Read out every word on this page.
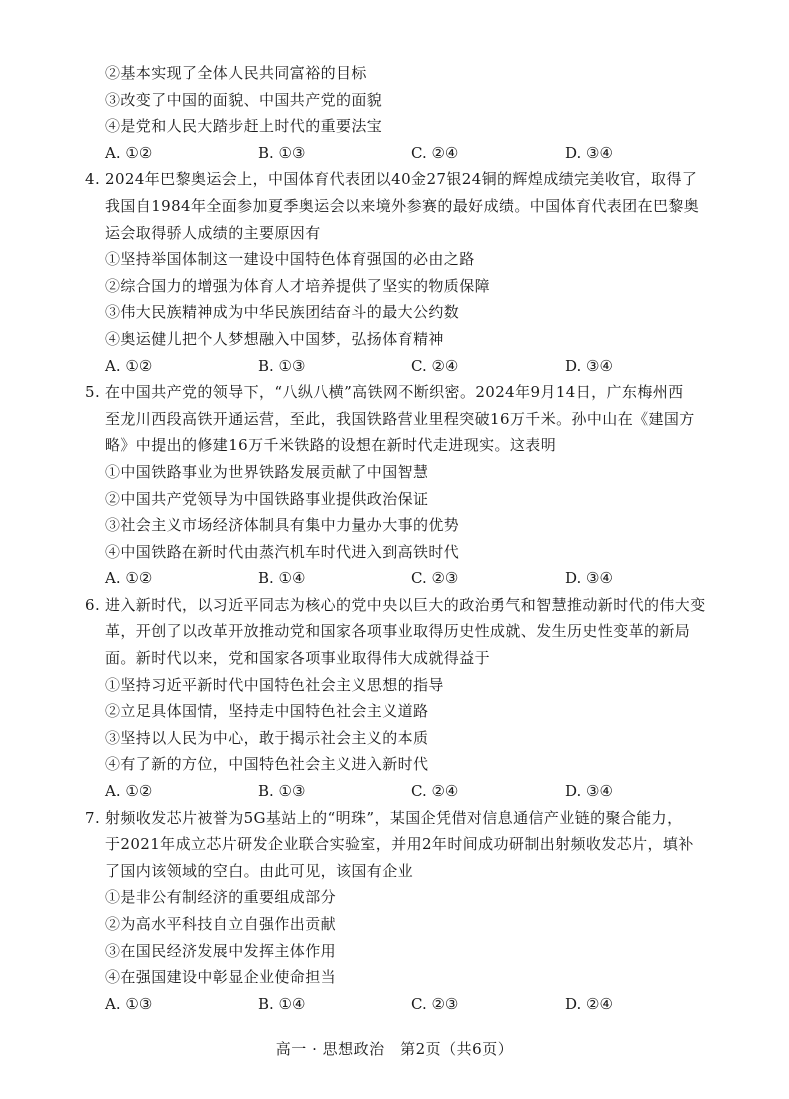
②基本实现了全体人民共同富裕的目标
③改变了中国的面貌、中国共产党的面貌
④是党和人民大踏步赶上时代的重要法宝
A. ①②	B. ①③	C. ②④	D. ③④
4. 2024年巴黎奥运会上，中国体育代表团以40金27银24铜的辉煌成绩完美收官，取得了
我国自1984年全面参加夏季奥运会以来境外参赛的最好成绩。中国体育代表团在巴黎奥
运会取得骄人成绩的主要原因有
①坚持举国体制这一建设中国特色体育强国的必由之路
②综合国力的增强为体育人才培养提供了坚实的物质保障
③伟大民族精神成为中华民族团结奋斗的最大公约数
④奥运健儿把个人梦想融入中国梦，弘扬体育精神
A. ①②	B. ①③	C. ②④	D. ③④
5. 在中国共产党的领导下，“八纵八横”高铁网不断织密。2024年9月14日，广东梅州西
至龙川西段高铁开通运营，至此，我国铁路营业里程突破16万千米。孙中山在《建国方
略》中提出的修建16万千米铁路的设想在新时代走进现实。这表明
①中国铁路事业为世界铁路发展贡献了中国智慧
②中国共产党领导为中国铁路事业提供政治保证
③社会主义市场经济体制具有集中力量办大事的优势
④中国铁路在新时代由蒸汽机车时代进入到高铁时代
A. ①②	B. ①④	C. ②③	D. ③④
6. 进入新时代，以习近平同志为核心的党中央以巨大的政治勇气和智慧推动新时代的伟大变
革，开创了以改革开放推动党和国家各项事业取得历史性成就、发生历史性变革的新局
面。新时代以来，党和国家各项事业取得伟大成就得益于
①坚持习近平新时代中国特色社会主义思想的指导
②立足具体国情，坚持走中国特色社会主义道路
③坚持以人民为中心，敢于揭示社会主义的本质
④有了新的方位，中国特色社会主义进入新时代
A. ①②	B. ①③	C. ②④	D. ③④
7. 射频收发芯片被誉为5G基站上的“明珠”，某国企凭借对信息通信产业链的聚合能力，
于2021年成立芯片研发企业联合实验室，并用2年时间成功研制出射频收发芯片，填补
了国内该领域的空白。由此可见，该国有企业
①是非公有制经济的重要组成部分
②为高水平科技自立自强作出贡献
③在国民经济发展中发挥主体作用
④在强国建设中彰显企业使命担当
A. ①③	B. ①④	C. ②③	D. ②④
高一 · 思想政治　第2页（共6页）
